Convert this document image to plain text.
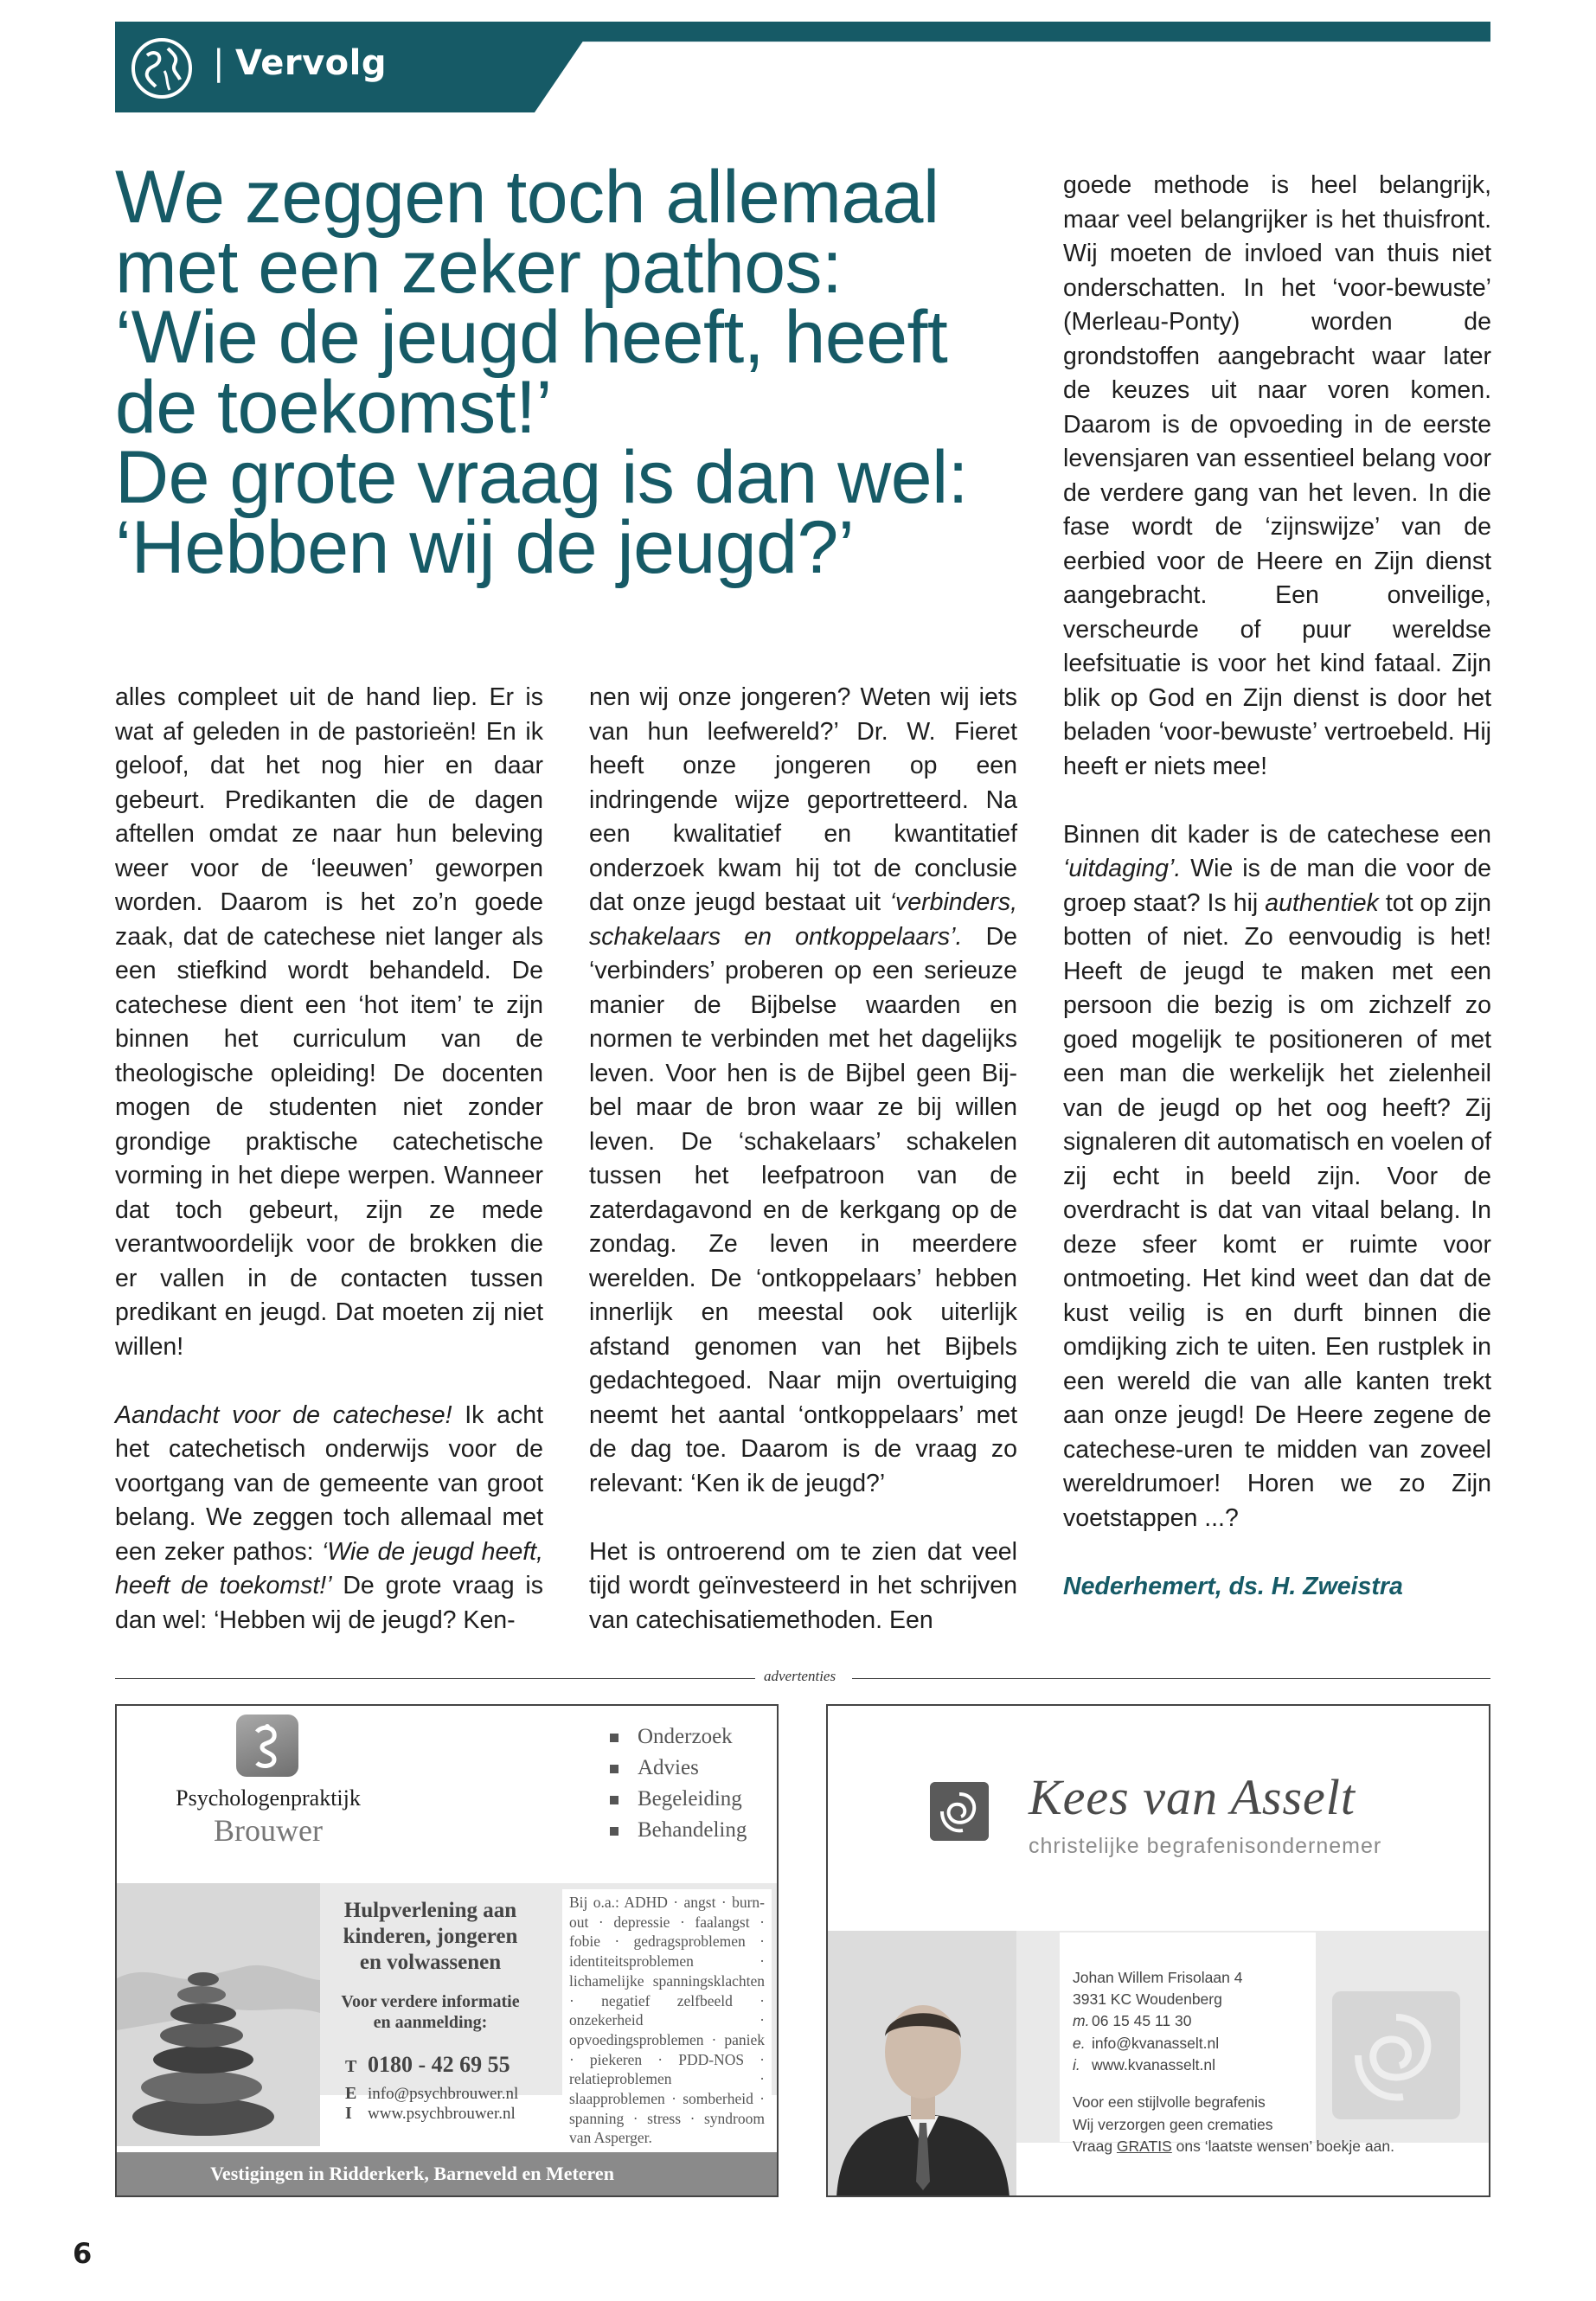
| Vervolg
We zeggen toch allemaal
met een zeker pathos:
‘Wie de jeugd heeft, heeft
de toekomst!’
De grote vraag is dan wel:
‘Hebben wij de jeugd?’

alles compleet uit de hand liep. Er is wat af geleden in de pastorieën! En ik geloof, dat het nog hier en daar gebeurt. Predikanten die de dagen aftellen omdat ze naar hun beleving weer voor de ‘leeuwen’ geworpen worden. Daarom is het zo’n goede zaak, dat de catechese niet langer als een stiefkind wordt behandeld. De catechese dient een ‘hot item’ te zijn binnen het curriculum van de theologische opleiding! De docenten mogen de studenten niet zonder grondige praktische catechetische vorming in het diepe werpen. Wanneer dat toch gebeurt, zijn ze mede verantwoordelijk voor de brokken die er vallen in de contacten tussen predikant en jeugd. Dat moeten zij niet willen!

Aandacht voor de catechese! Ik acht het catechetisch onderwijs voor de voortgang van de gemeente van groot belang. We zeggen toch allemaal met een zeker pathos: ‘Wie de jeugd heeft, heeft de toekomst!’ De grote vraag is dan wel: ‘Hebben wij de jeugd? Ken-

nen wij onze jongeren? Weten wij iets van hun leefwereld?’ Dr. W. Fieret heeft onze jongeren op een indringende wijze geportretteerd. Na een kwalitatief en kwantitatief onderzoek kwam hij tot de conclusie dat onze jeugd bestaat uit ‘verbinders, schakelaars en ontkoppelaars’. De ‘verbinders’ proberen op een serieuze manier de Bijbelse waarden en normen te verbinden met het dagelijks leven. Voor hen is de Bijbel geen Bij-bel maar de bron waar ze bij willen leven. De ‘schakelaars’ schakelen tussen het leefpatroon van de zaterdagavond en de kerkgang op de zondag. Ze leven in meerdere werelden. De ‘ontkoppelaars’ hebben innerlijk en meestal ook uiterlijk afstand genomen van het Bijbels gedachtegoed. Naar mijn overtuiging neemt het aantal ‘ontkoppelaars’ met de dag toe. Daarom is de vraag zo relevant: ‘Ken ik de jeugd?’

Het is ontroerend om te zien dat veel tijd wordt geïnvesteerd in het schrijven van catechisatiemethoden. Een

goede methode is heel belangrijk, maar veel belangrijker is het thuisfront. Wij moeten de invloed van thuis niet onderschatten. In het ‘voor-bewuste’ (Merleau-Ponty) worden de grondstoffen aangebracht waar later de keuzes uit naar voren komen. Daarom is de opvoeding in de eerste levensjaren van essentieel belang voor de verdere gang van het leven. In die fase wordt de ‘zijnswijze’ van de eerbied voor de Heere en Zijn dienst aangebracht. Een onveilige, verscheurde of puur wereldse leefsituatie is voor het kind fataal. Zijn blik op God en Zijn dienst is door het beladen ‘voor-bewuste’ vertroebeld. Hij heeft er niets mee!

Binnen dit kader is de catechese een ‘uitdaging’. Wie is de man die voor de groep staat? Is hij authentiek tot op zijn botten of niet. Zo eenvoudig is het! Heeft de jeugd te maken met een persoon die bezig is om zichzelf zo goed mogelijk te positioneren of met een man die werkelijk het zielenheil van de jeugd op het oog heeft? Zij signaleren dit automatisch en voelen of zij echt in beeld zijn. Voor de overdracht is dat van vitaal belang. In deze sfeer komt er ruimte voor ontmoeting. Het kind weet dan dat de kust veilig is en durft binnen die omdijking zich te uiten. Een rustplek in een wereld die van alle kanten trekt aan onze jeugd! De Heere zegene de catechese-uren te midden van zoveel wereldrumoer! Horen we zo Zijn voetstappen ...?

Nederhemert, ds. H. Zweistra

advertenties
Psychologenpraktijk
Brouwer
Onderzoek
Advies
Begeleiding
Behandeling
Hulpverlening aan kinderen, jongeren en volwassenen
Voor verdere informatie en aanmelding:
T 0180 - 42 69 55
E info@psychbrouwer.nl
I www.psychbrouwer.nl
Bij o.a.: ADHD · angst · burn-out · depressie · faalangst · fobie · gedragsproblemen · identiteitsproblemen · lichamelijke spanningsklachten · negatief zelfbeeld · onzekerheid · opvoedingsproblemen · paniek · piekeren · PDD-NOS · relatieproblemen · slaapproblemen · somberheid · spanning · stress · syndroom van Asperger.
Vestigingen in Ridderkerk, Barneveld en Meteren
Kees van Asselt
christelijke begrafenisondernemer
Johan Willem Frisolaan 4
3931 KC Woudenberg
m. 06 15 45 11 30
e. info@kvanasselt.nl
i. www.kvanasselt.nl
Voor een stijlvolle begrafenis
Wij verzorgen geen crematies
Vraag GRATIS ons ‘laatste wensen’ boekje aan.
6
